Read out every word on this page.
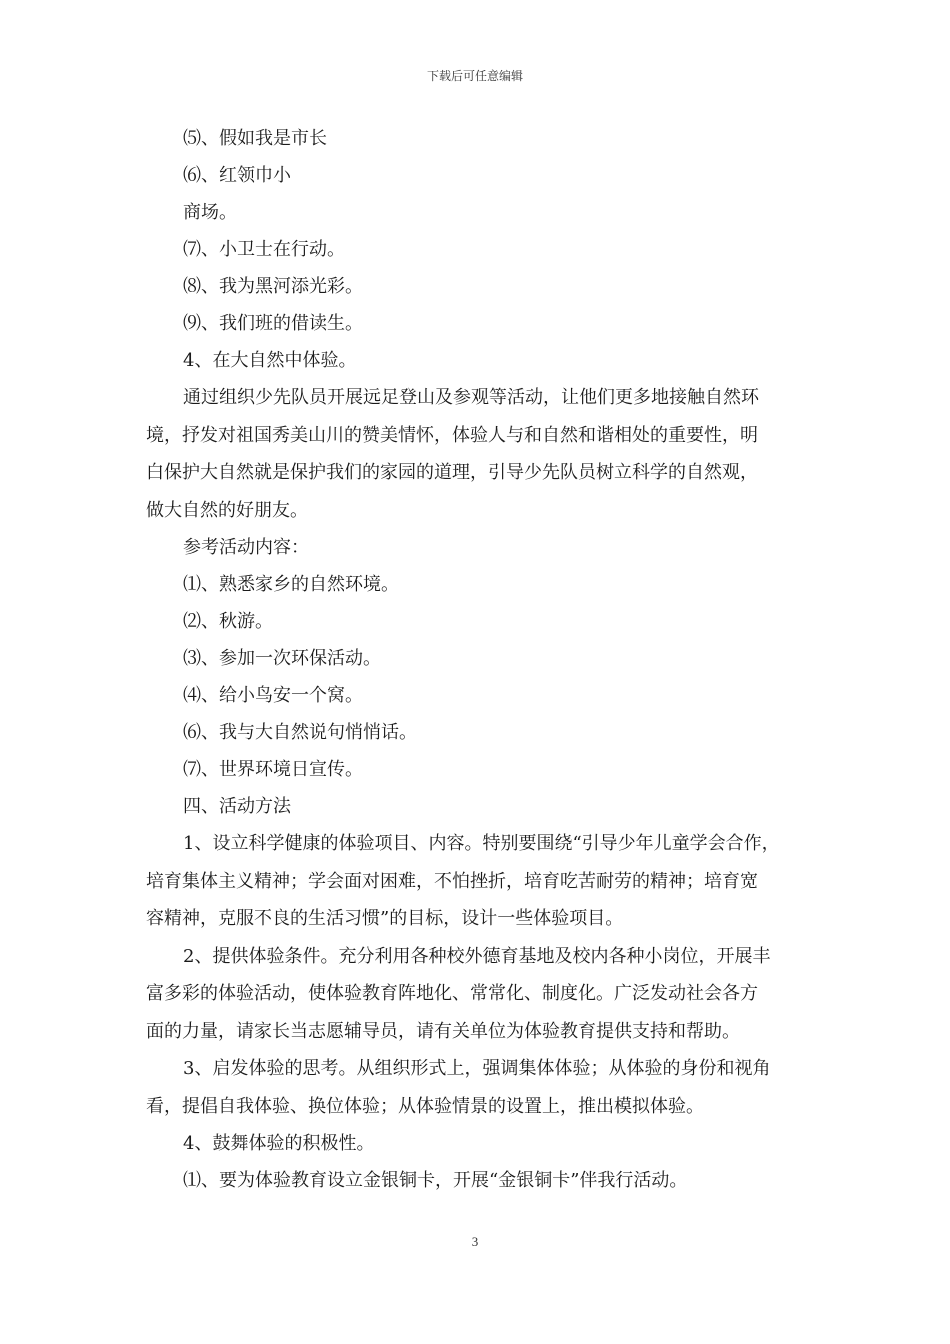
下载后可任意编辑
⑸、假如我是市长
⑹、红领巾小
商场。
⑺、小卫士在行动。
⑻、我为黑河添光彩。
⑼、我们班的借读生。
4、在大自然中体验。
通过组织少先队员开展远足登山及参观等活动，让他们更多地接触自然环
境，抒发对祖国秀美山川的赞美情怀，体验人与和自然和谐相处的重要性，明
白保护大自然就是保护我们的家园的道理，引导少先队员树立科学的自然观，
做大自然的好朋友。
参考活动内容：
⑴、熟悉家乡的自然环境。
⑵、秋游。
⑶、参加一次环保活动。
⑷、给小鸟安一个窝。
⑹、我与大自然说句悄悄话。
⑺、世界环境日宣传。
四、活动方法
1、设立科学健康的体验项目、内容。特别要围绕“引导少年儿童学会合作，
培育集体主义精神；学会面对困难，不怕挫折，培育吃苦耐劳的精神；培育宽
容精神，克服不良的生活习惯”的目标，设计一些体验项目。
2、提供体验条件。充分利用各种校外德育基地及校内各种小岗位，开展丰
富多彩的体验活动，使体验教育阵地化、常常化、制度化。广泛发动社会各方
面的力量，请家长当志愿辅导员，请有关单位为体验教育提供支持和帮助。
3、启发体验的思考。从组织形式上，强调集体体验；从体验的身份和视角
看，提倡自我体验、换位体验；从体验情景的设置上，推出模拟体验。
4、鼓舞体验的积极性。
⑴、要为体验教育设立金银铜卡，开展“金银铜卡”伴我行活动。
3
